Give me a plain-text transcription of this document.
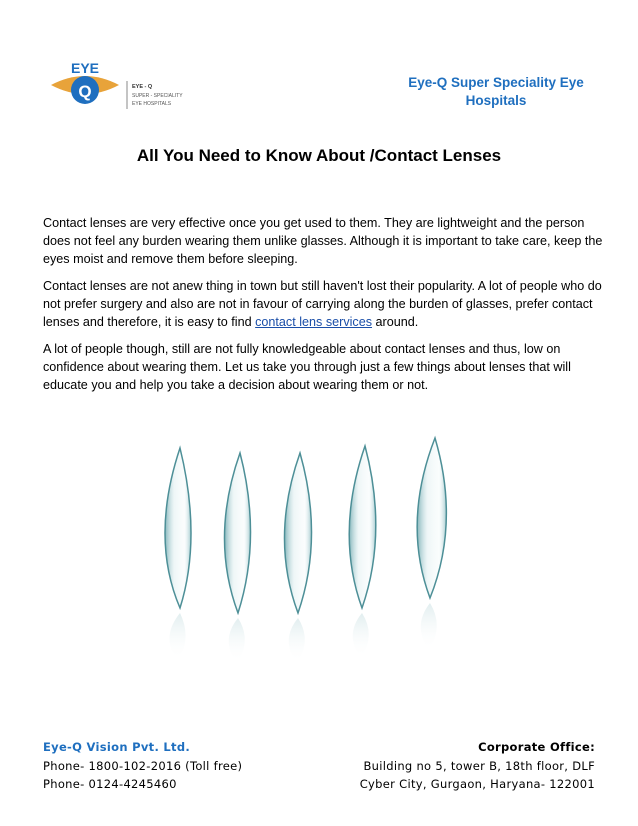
EYE
Q	EYE - Q
SUPER - SPECIALITY
EYE HOSPITALS
Eye-Q Super Speciality Eye Hospitals
All You Need to Know About /Contact Lenses

Contact lenses are very effective once you get used to them. They are lightweight and the person does not feel any burden wearing them unlike glasses. Although it is important to take care, keep the eyes moist and remove them before sleeping.

Contact lenses are not anew thing in town but still haven't lost their popularity. A lot of people who do not prefer surgery and also are not in favour of carrying along the burden of glasses, prefer contact lenses and therefore, it is easy to find contact lens services around.

A lot of people though, still are not fully knowledgeable about contact lenses and thus, low on confidence about wearing them. Let us take you through just a few things about lenses that will educate you and help you take a decision about wearing them or not.

Eye-Q Vision Pvt. Ltd.
Phone- 1800-102-2016 (Toll free)
Phone- 0124-4245460
Corporate Office:
Building no 5, tower B, 18th floor, DLF
Cyber City, Gurgaon, Haryana- 122001
